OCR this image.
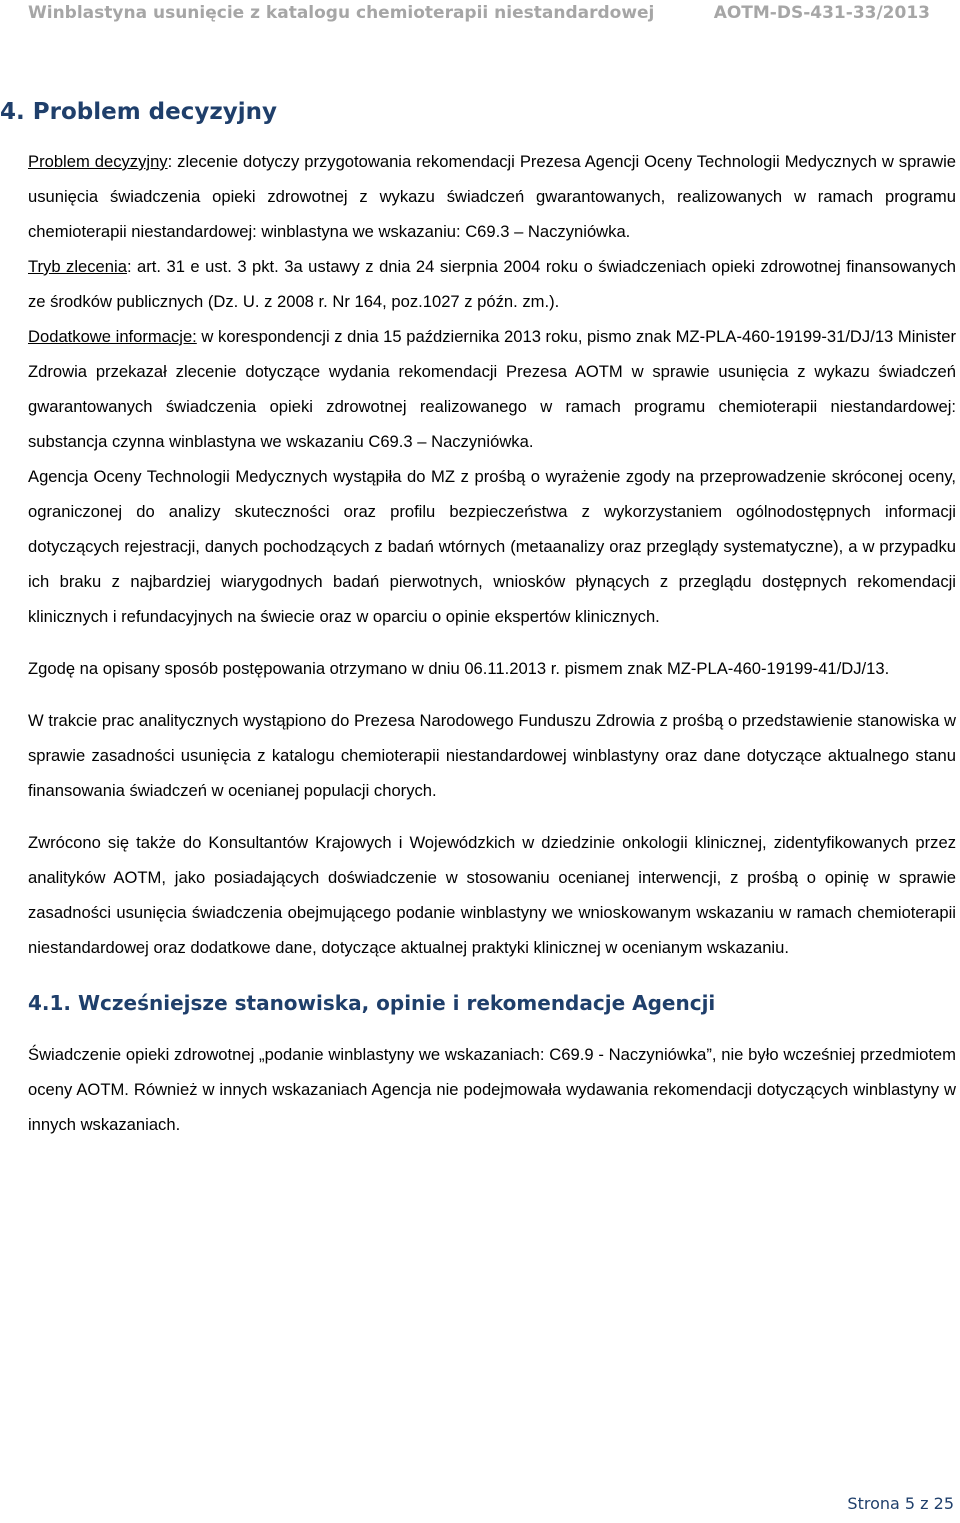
Winblastyna usunięcie z katalogu chemioterapii niestandardowej	AOTM-DS-431-33/2013
4. Problem decyzyjny

Problem decyzyjny: zlecenie dotyczy przygotowania rekomendacji Prezesa Agencji Oceny Technologii Medycznych w sprawie usunięcia świadczenia opieki zdrowotnej z wykazu świadczeń gwarantowanych, realizowanych w ramach programu chemioterapii niestandardowej: winblastyna we wskazaniu: C69.3 – Naczyniówka.

Tryb zlecenia: art. 31 e ust. 3 pkt. 3a ustawy z dnia 24 sierpnia 2004 roku o świadczeniach opieki zdrowotnej finansowanych ze środków publicznych (Dz. U. z 2008 r. Nr 164, poz.1027 z późn. zm.).

Dodatkowe informacje: w korespondencji z dnia 15 października 2013 roku, pismo znak MZ-PLA-460-19199-31/DJ/13 Minister Zdrowia przekazał zlecenie dotyczące wydania rekomendacji Prezesa AOTM w sprawie usunięcia z wykazu świadczeń gwarantowanych świadczenia opieki zdrowotnej realizowanego w ramach programu chemioterapii niestandardowej: substancja czynna winblastyna we wskazaniu C69.3 – Naczyniówka.

Agencja Oceny Technologii Medycznych wystąpiła do MZ z prośbą o wyrażenie zgody na przeprowadzenie skróconej oceny, ograniczonej do analizy skuteczności oraz profilu bezpieczeństwa z wykorzystaniem ogólnodostępnych informacji dotyczących rejestracji, danych pochodzących z badań wtórnych (metaanalizy oraz przeglądy systematyczne), a w przypadku ich braku z najbardziej wiarygodnych badań pierwotnych, wniosków płynących z przeglądu dostępnych rekomendacji klinicznych i refundacyjnych na świecie oraz w oparciu o opinie ekspertów klinicznych.

Zgodę na opisany sposób postępowania otrzymano w dniu 06.11.2013 r. pismem znak MZ-PLA-460-19199-41/DJ/13.

W trakcie prac analitycznych wystąpiono do Prezesa Narodowego Funduszu Zdrowia z prośbą o przedstawienie stanowiska w sprawie zasadności usunięcia z katalogu chemioterapii niestandardowej winblastyny oraz dane dotyczące aktualnego stanu finansowania świadczeń w ocenianej populacji chorych.

Zwrócono się także do Konsultantów Krajowych i Wojewódzkich w dziedzinie onkologii klinicznej, zidentyfikowanych przez analityków AOTM, jako posiadających doświadczenie w stosowaniu ocenianej interwencji, z prośbą o opinię w sprawie zasadności usunięcia świadczenia obejmującego podanie winblastyny we wnioskowanym wskazaniu w ramach chemioterapii niestandardowej oraz dodatkowe dane, dotyczące aktualnej praktyki klinicznej w ocenianym wskazaniu.

4.1. Wcześniejsze stanowiska, opinie i rekomendacje Agencji

Świadczenie opieki zdrowotnej „podanie winblastyny we wskazaniach: C69.9 - Naczyniówka”, nie było wcześniej przedmiotem oceny AOTM. Również w innych wskazaniach Agencja nie podejmowała wydawania rekomendacji dotyczących winblastyny w innych wskazaniach.

Strona 5 z 25
